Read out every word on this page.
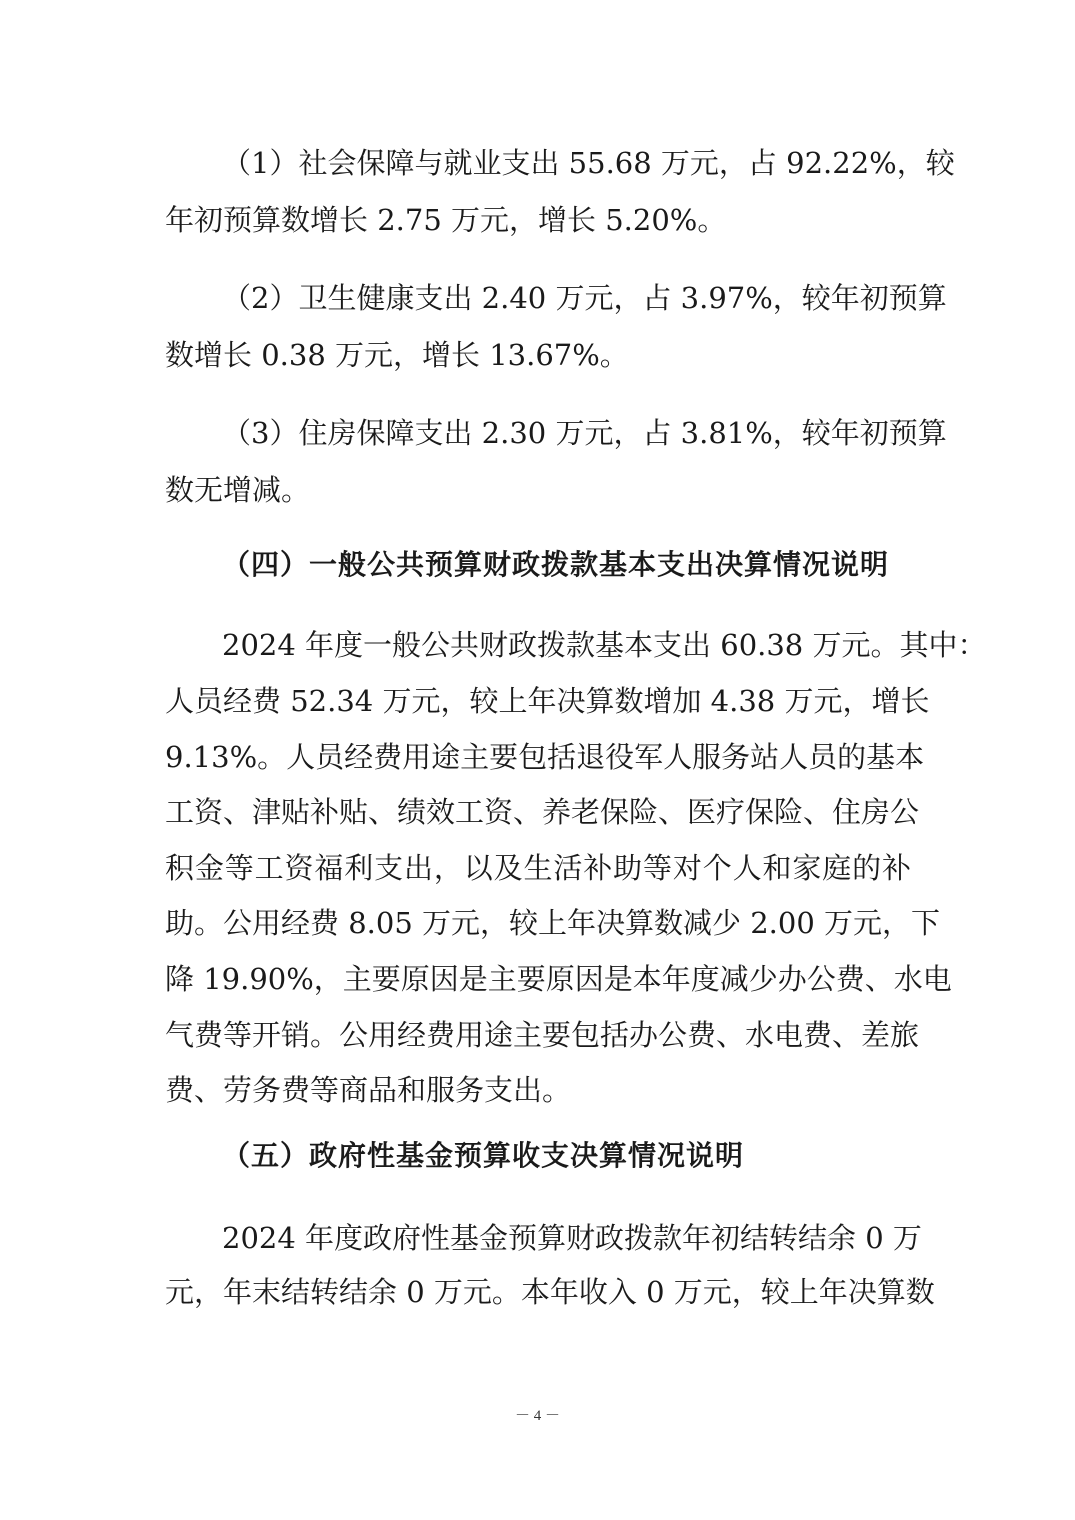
（1）社会保障与就业支出 55.68 万元，占 92.22%，较
年初预算数增长 2.75 万元，增长 5.20%。
（2）卫生健康支出 2.40 万元，占 3.97%，较年初预算
数增长 0.38 万元，增长 13.67%。
（3）住房保障支出 2.30 万元，占 3.81%，较年初预算
数无增减。
（四）一般公共预算财政拨款基本支出决算情况说明
2024 年度一般公共财政拨款基本支出 60.38 万元。其中：
人员经费 52.34 万元，较上年决算数增加 4.38 万元，增长
9.13%。人员经费用途主要包括退役军人服务站人员的基本
工资、津贴补贴、绩效工资、养老保险、医疗保险、住房公
积金等工资福利支出，以及生活补助等对个人和家庭的补
助。公用经费 8.05 万元，较上年决算数减少 2.00 万元，下
降 19.90%，主要原因是主要原因是本年度减少办公费、水电
气费等开销。公用经费用途主要包括办公费、水电费、差旅
费、劳务费等商品和服务支出。
（五）政府性基金预算收支决算情况说明
2024 年度政府性基金预算财政拨款年初结转结余 0 万
元，年末结转结余 0 万元。本年收入 0 万元，较上年决算数
－ 4 －
